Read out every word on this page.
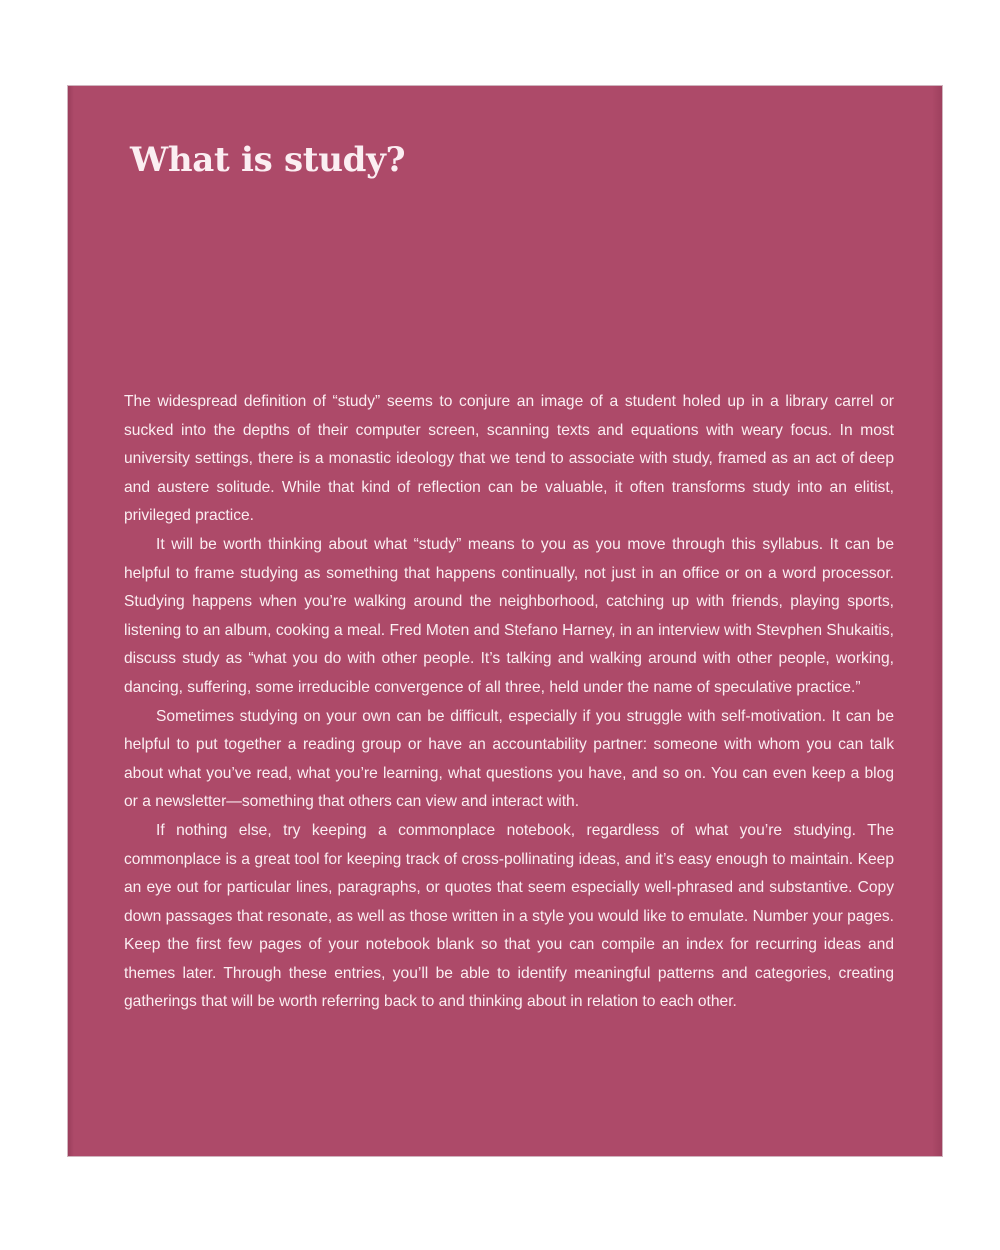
What is study?

The widespread definition of “study” seems to conjure an image of a student holed up in a library carrel or sucked into the depths of their computer screen, scanning texts and equations with weary focus. In most university settings, there is a monastic ideology that we tend to associate with study, framed as an act of deep and austere solitude. While that kind of reflection can be valuable, it often transforms study into an elitist, privileged practice.

It will be worth thinking about what “study” means to you as you move through this syllabus. It can be helpful to frame studying as something that happens continually, not just in an office or on a word processor. Studying happens when you’re walking around the neighborhood, catching up with friends, playing sports, listening to an album, cooking a meal. Fred Moten and Stefano Harney, in an interview with Stevphen Shukaitis, discuss study as “what you do with other people. It’s talking and walking around with other people, working, dancing, suffering, some irreducible convergence of all three, held under the name of speculative practice.”

Sometimes studying on your own can be difficult, especially if you struggle with self-motivation. It can be helpful to put together a reading group or have an accountability partner: someone with whom you can talk about what you’ve read, what you’re learning, what questions you have, and so on. You can even keep a blog or a newsletter—something that others can view and interact with.

If nothing else, try keeping a commonplace notebook, regardless of what you’re studying. The commonplace is a great tool for keeping track of cross-pollinating ideas, and it’s easy enough to maintain. Keep an eye out for particular lines, paragraphs, or quotes that seem especially well-phrased and substantive. Copy down passages that resonate, as well as those written in a style you would like to emulate. Number your pages. Keep the first few pages of your notebook blank so that you can compile an index for recurring ideas and themes later. Through these entries, you’ll be able to identify meaningful patterns and categories, creating gatherings that will be worth referring back to and thinking about in relation to each other.
